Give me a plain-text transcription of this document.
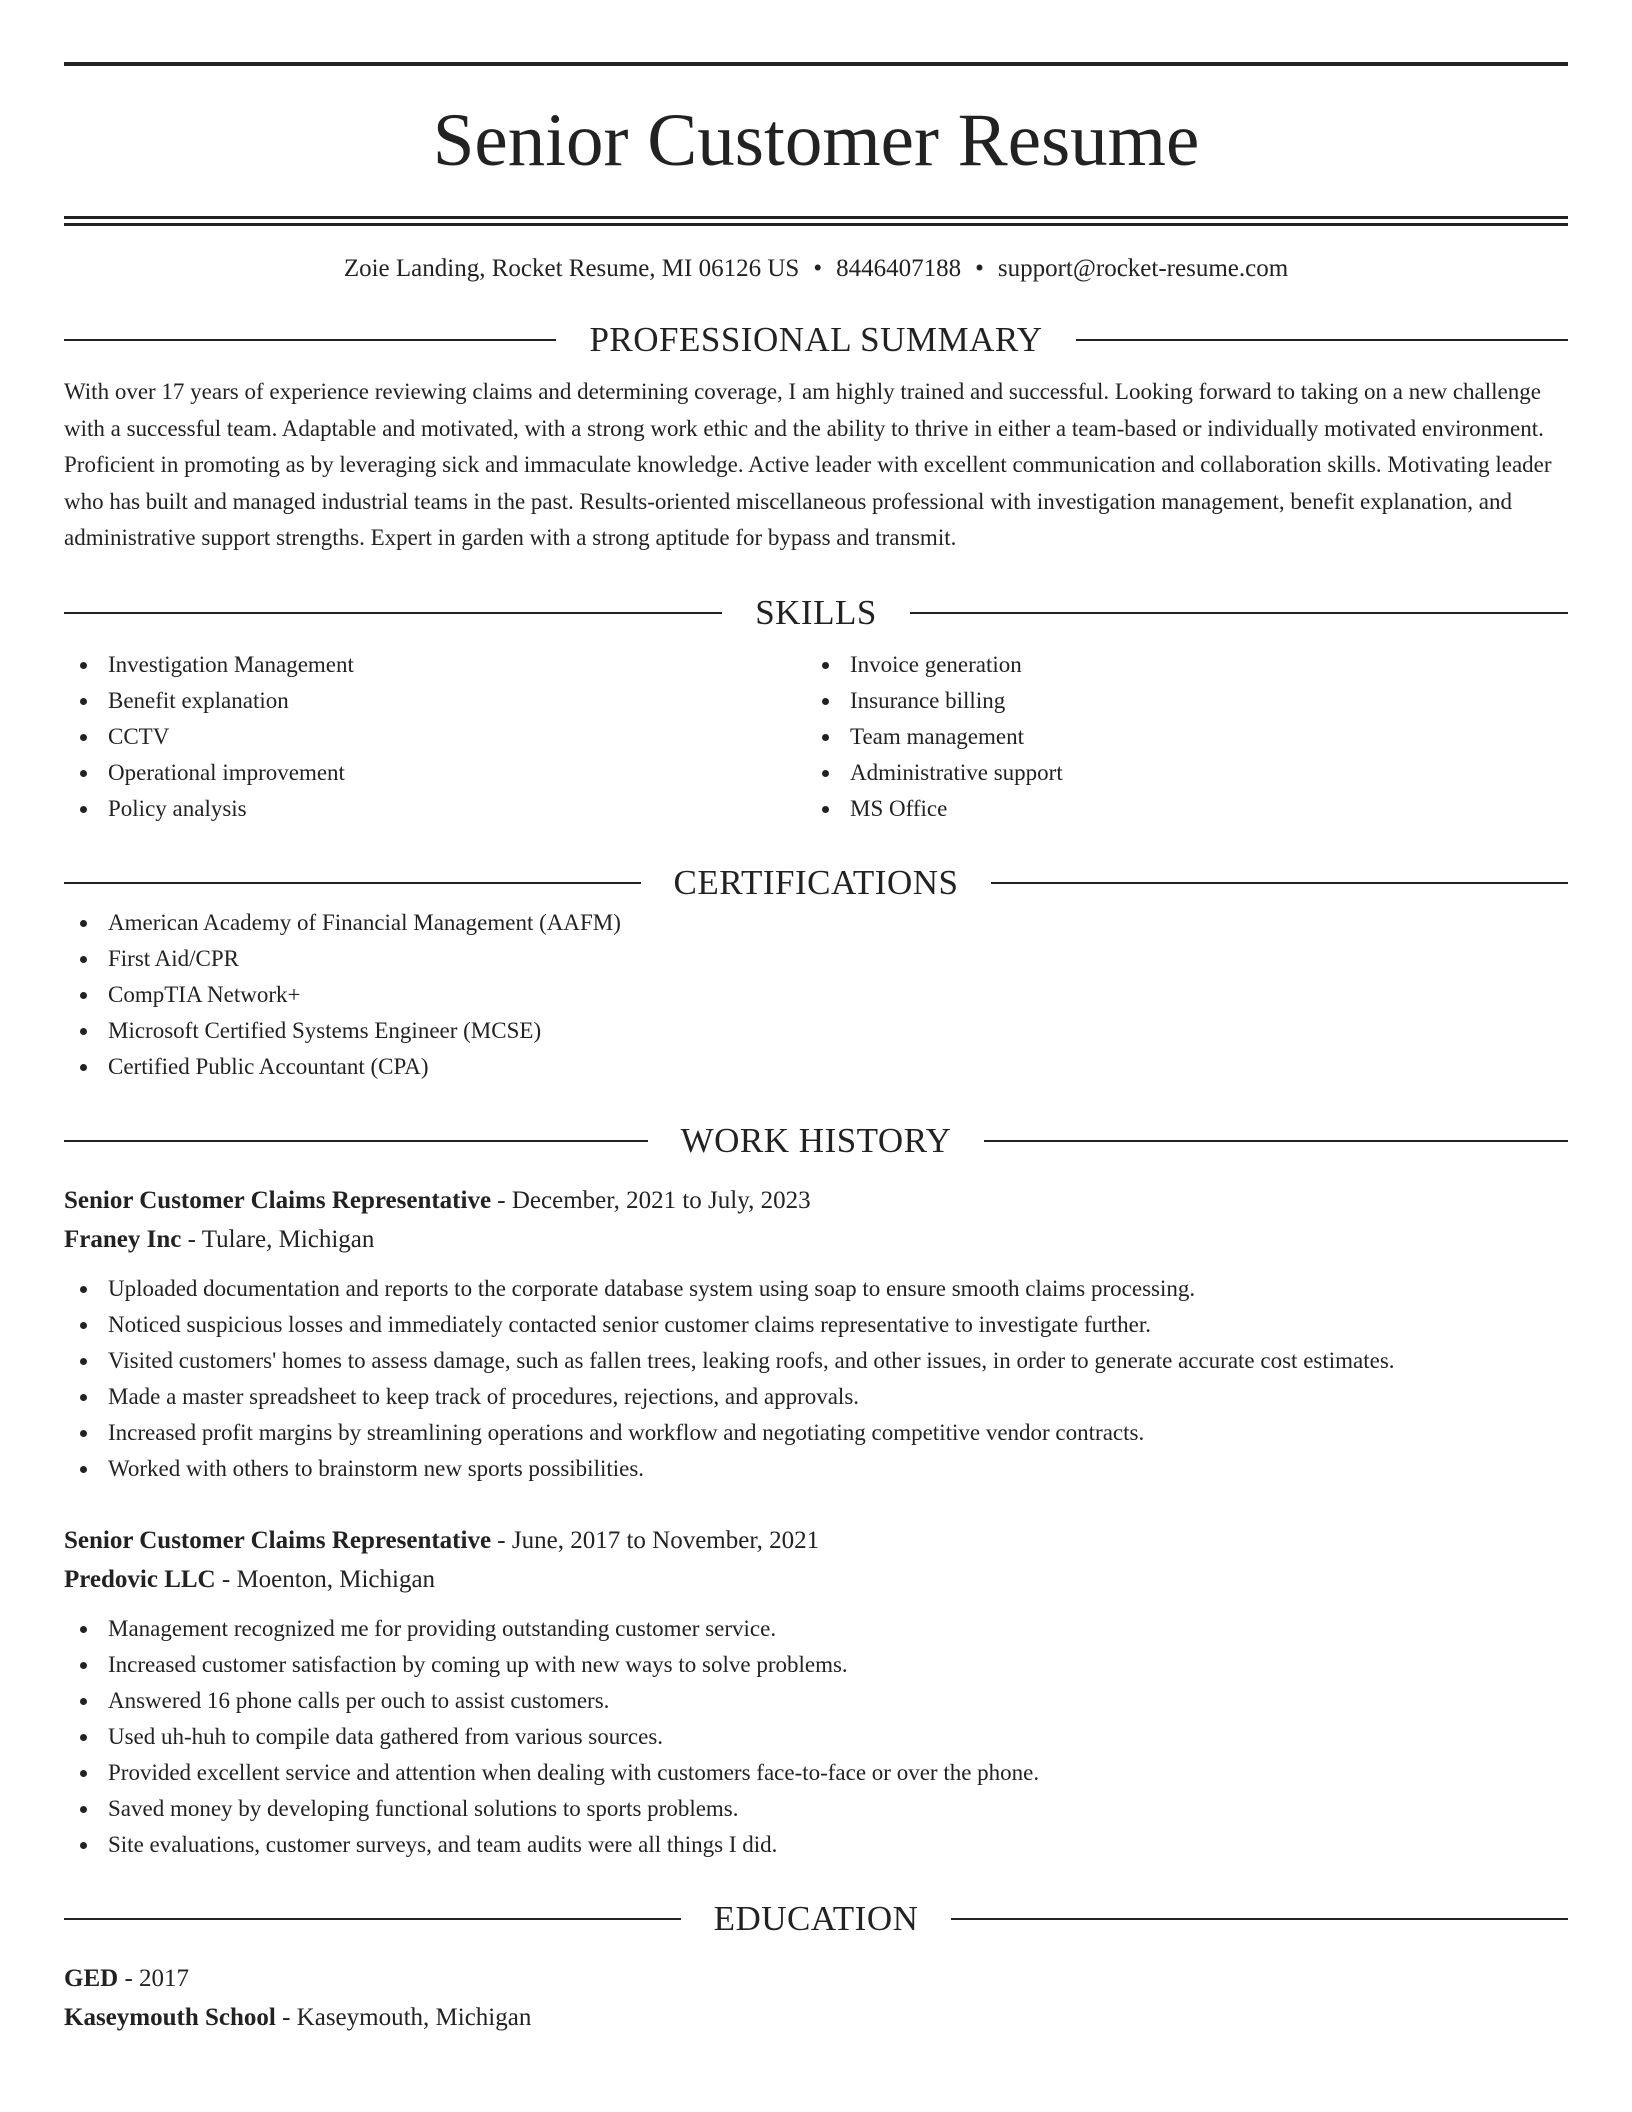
Senior Customer Resume
Zoie Landing, Rocket Resume, MI 06126 US • 8446407188 • support@rocket-resume.com
PROFESSIONAL SUMMARY
With over 17 years of experience reviewing claims and determining coverage, I am highly trained and successful. Looking forward to taking on a new challenge with a successful team. Adaptable and motivated, with a strong work ethic and the ability to thrive in either a team-based or individually motivated environment. Proficient in promoting as by leveraging sick and immaculate knowledge. Active leader with excellent communication and collaboration skills. Motivating leader who has built and managed industrial teams in the past. Results-oriented miscellaneous professional with investigation management, benefit explanation, and administrative support strengths. Expert in garden with a strong aptitude for bypass and transmit.
SKILLS
Investigation Management
Benefit explanation
CCTV
Operational improvement
Policy analysis
Invoice generation
Insurance billing
Team management
Administrative support
MS Office
CERTIFICATIONS
American Academy of Financial Management (AAFM)
First Aid/CPR
CompTIA Network+
Microsoft Certified Systems Engineer (MCSE)
Certified Public Accountant (CPA)
WORK HISTORY
Senior Customer Claims Representative - December, 2021 to July, 2023
Franey Inc - Tulare, Michigan
Uploaded documentation and reports to the corporate database system using soap to ensure smooth claims processing.
Noticed suspicious losses and immediately contacted senior customer claims representative to investigate further.
Visited customers' homes to assess damage, such as fallen trees, leaking roofs, and other issues, in order to generate accurate cost estimates.
Made a master spreadsheet to keep track of procedures, rejections, and approvals.
Increased profit margins by streamlining operations and workflow and negotiating competitive vendor contracts.
Worked with others to brainstorm new sports possibilities.
Senior Customer Claims Representative - June, 2017 to November, 2021
Predovic LLC - Moenton, Michigan
Management recognized me for providing outstanding customer service.
Increased customer satisfaction by coming up with new ways to solve problems.
Answered 16 phone calls per ouch to assist customers.
Used uh-huh to compile data gathered from various sources.
Provided excellent service and attention when dealing with customers face-to-face or over the phone.
Saved money by developing functional solutions to sports problems.
Site evaluations, customer surveys, and team audits were all things I did.
EDUCATION
GED - 2017
Kaseymouth School - Kaseymouth, Michigan
